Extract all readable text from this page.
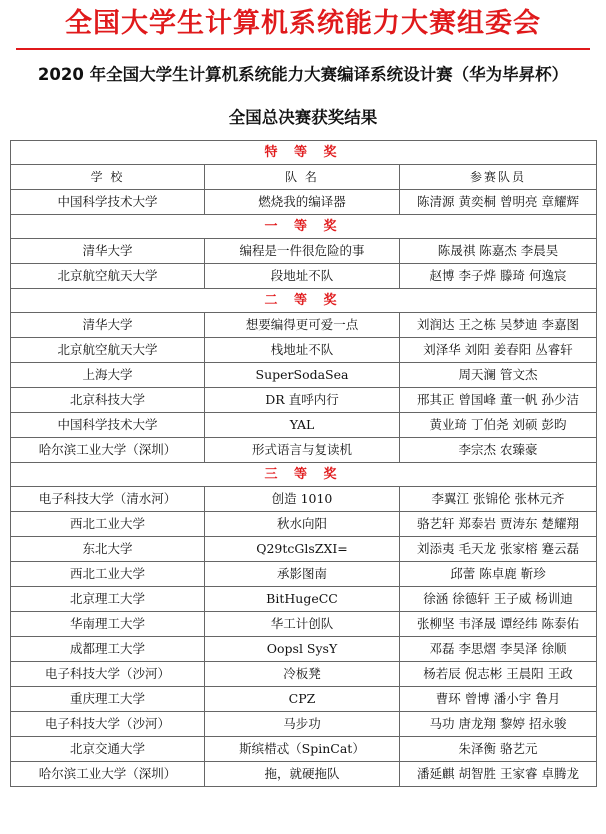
全国大学生计算机系统能力大赛组委会
2020 年全国大学生计算机系统能力大赛编译系统设计赛（华为毕昇杯）
全国总决赛获奖结果
特 等 奖		
学 校	队 名	参赛队员
中国科学技术大学	燃烧我的编译器	陈清源 黄奕桐 曾明亮 章耀辉
一 等 奖		
清华大学	编程是一件很危险的事	陈晟祺 陈嘉杰 李晨昊
北京航空航天大学	段地址不队	赵博 李子烨 滕琦 何逸宸
二 等 奖		
清华大学	想要编得更可爱一点	刘润达 王之栋 吴梦迪 李嘉图
北京航空航天大学	栈地址不队	刘泽华 刘阳 姜春阳 丛睿轩
上海大学	SuperSodaSea	周天澜 管文杰
北京科技大学	DR 直呼内行	邢其正 曾国峰 董一帆 孙少洁
中国科学技术大学	YAL	黄业琦 丁伯尧 刘硕 彭昀
哈尔滨工业大学（深圳）	形式语言与复读机	李宗杰 农臻豪
三 等 奖		
电子科技大学（清水河）	创造 1010	李翼江 张锦伦 张林元齐
西北工业大学	秋水向阳	骆艺轩 郑泰岩 贾涛东 楚耀翔
东北大学	Q29tcGlsZXI=	刘添夷 毛天龙 张家榕 蹇云磊
西北工业大学	承影图南	邱蕾 陈卓鹿 靳珍
北京理工大学	BitHugeCC	徐涵 徐德轩 王子威 杨训迪
华南理工大学	华工计创队	张柳坚 韦泽晟 谭经纬 陈泰佑
成都理工大学	Oopsl SysY	邓磊 李思熠 李昊泽 徐顺
电子科技大学（沙河）	冷板凳	杨若辰 倪志彬 王晨阳 王政
重庆理工大学	CPZ	曹环 曾博 潘小宇 鲁月
电子科技大学（沙河）	马步功	马功 唐龙翔 黎婷 招永骏
北京交通大学	斯缤棤忒（SpinCat）	朱泽衡 骆艺元
哈尔滨工业大学（深圳）	拖，就硬拖队	潘延麒 胡智胜 王家睿 卓腾龙
